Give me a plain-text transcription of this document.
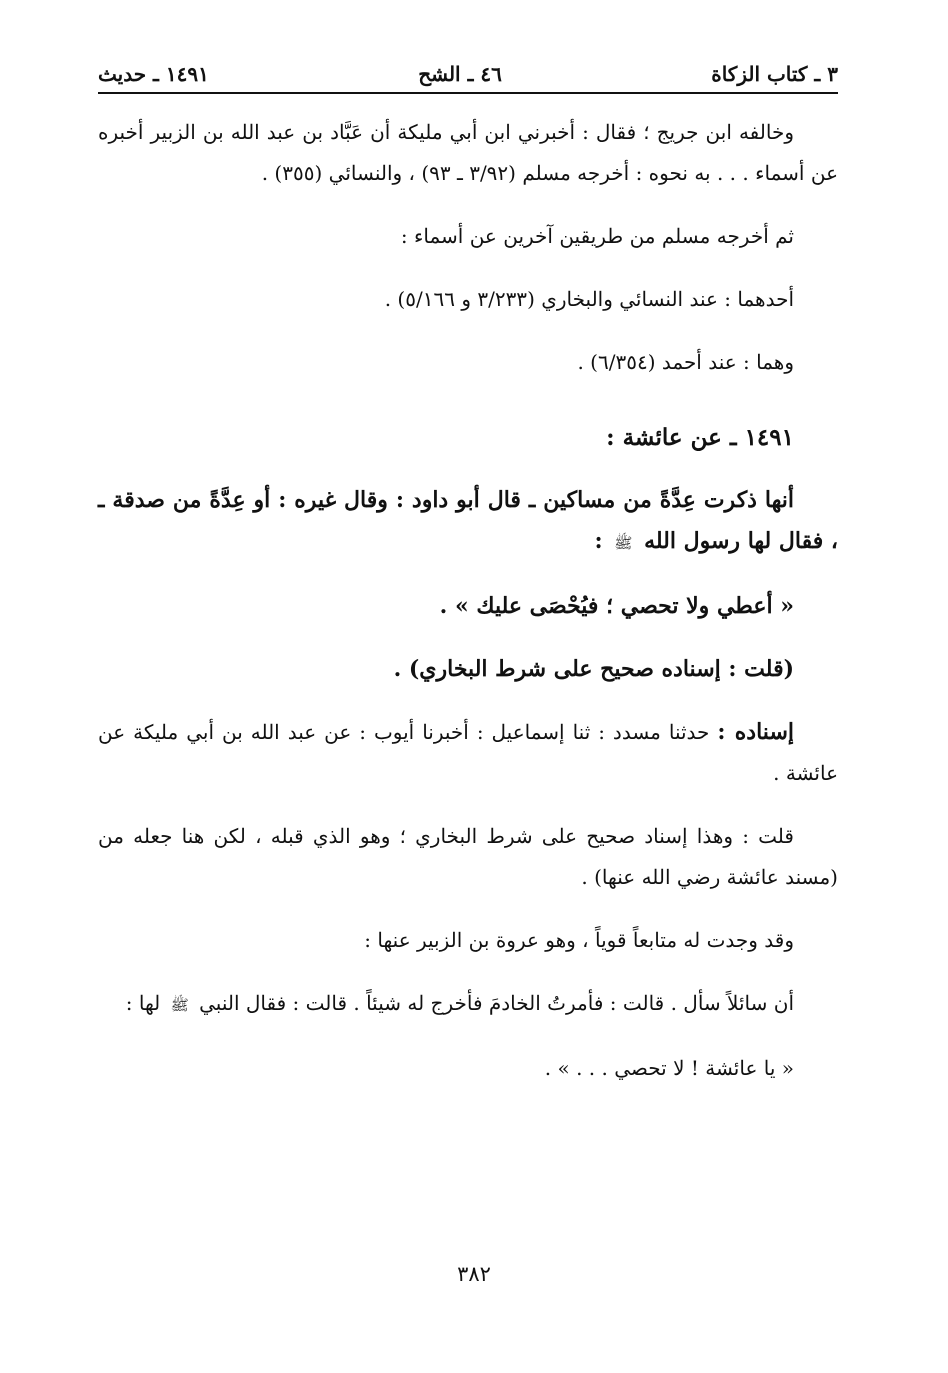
٣ ـ كتاب الزكاة
٤٦ ـ الشح
١٤٩١ ـ حديث

وخالفه ابن جريج ؛ فقال : أخبرني ابن أبي مليكة أن عَبَّاد بن عبد الله بن الزبير أخبره عن أسماء . . . به نحوه : أخرجه مسلم (٣/٩٢ ـ ٩٣) ، والنسائي (٣٥٥) .

ثم أخرجه مسلم من طريقين آخرين عن أسماء :

أحدهما : عند النسائي والبخاري (٣/٢٣٣ و ٥/١٦٦) .

وهما : عند أحمد (٦/٣٥٤) .

١٤٩١ ـ عن عائشة :

أنها ذكرت عِدَّةً من مساكين ـ قال أبو داود : وقال غيره : أو عِدَّةً من صدقة ـ ، فقال لها رسول الله ﷺ :

« أعطي ولا تحصي ؛ فيُحْصَى عليك » .

(قلت : إسناده صحيح على شرط البخاري) .

إسناده : حدثنا مسدد : ثنا إسماعيل : أخبرنا أيوب : عن عبد الله بن أبي مليكة عن عائشة .

قلت : وهذا إسناد صحيح على شرط البخاري ؛ وهو الذي قبله ، لكن هنا جعله من (مسند عائشة رضي الله عنها) .

وقد وجدت له متابعاً قوياً ، وهو عروة بن الزبير عنها :

أن سائلاً سأل . قالت : فأمرتُ الخادمَ فأخرج له شيئاً . قالت : فقال النبي ﷺ لها :

« يا عائشة ! لا تحصي . . . » .

٣٨٢
